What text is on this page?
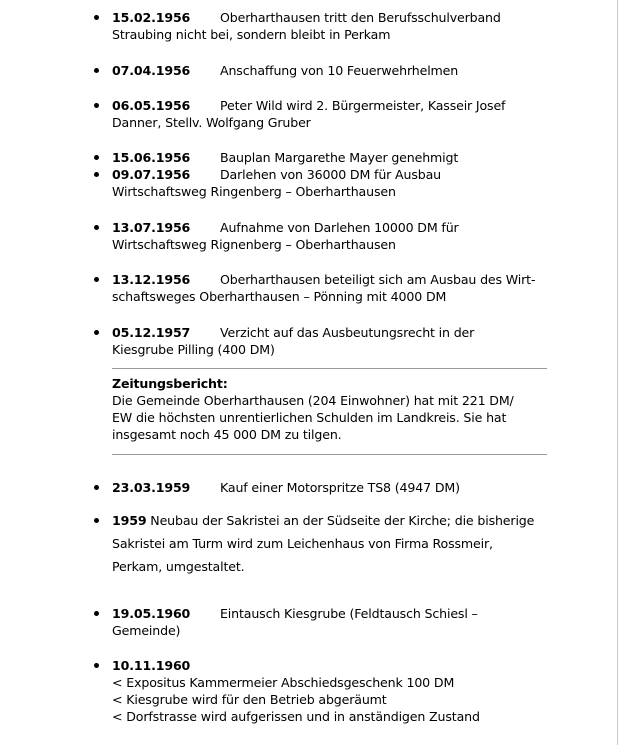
15.02.1956 Oberharthausen tritt den Berufsschulverband
Straubing nicht bei, sondern bleibt in Perkam
07.04.1956 Anschaffung von 10 Feuerwehrhelmen
06.05.1956 Peter Wild wird 2. Bürgermeister, Kasseir Josef
Danner, Stellv. Wolfgang Gruber
15.06.1956 Bauplan Margarethe Mayer genehmigt
09.07.1956 Darlehen von 36000 DM für Ausbau
Wirtschaftsweg Ringenberg – Oberharthausen
13.07.1956 Aufnahme von Darlehen 10000 DM für
Wirtschaftsweg Rignenberg – Oberharthausen
13.12.1956 Oberharthausen beteiligt sich am Ausbau des Wirt-
schaftsweges Oberharthausen – Pönning mit 4000 DM
05.12.1957 Verzicht auf das Ausbeutungsrecht in der
Kiesgrube Pilling (400 DM)
Zeitungsbericht:
Die Gemeinde Oberharthausen (204 Einwohner) hat mit 221 DM/
EW die höchsten unrentierlichen Schulden im Landkreis. Sie hat
insgesamt noch 45 000 DM zu tilgen.
23.03.1959 Kauf einer Motorspritze TS8 (4947 DM)
1959 Neubau der Sakristei an der Südseite der Kirche; die bisherige
Sakristei am Turm wird zum Leichenhaus von Firma Rossmeir,
Perkam, umgestaltet.
19.05.1960 Eintausch Kiesgrube (Feldtausch Schiesl –
Gemeinde)
10.11.1960

< Expositus Kammermeier Abschiedsgeschenk 100 DM
< Kiesgrube wird für den Betrieb abgeräumt
< Dorfstrasse wird aufgerissen und in anständigen Zustand
